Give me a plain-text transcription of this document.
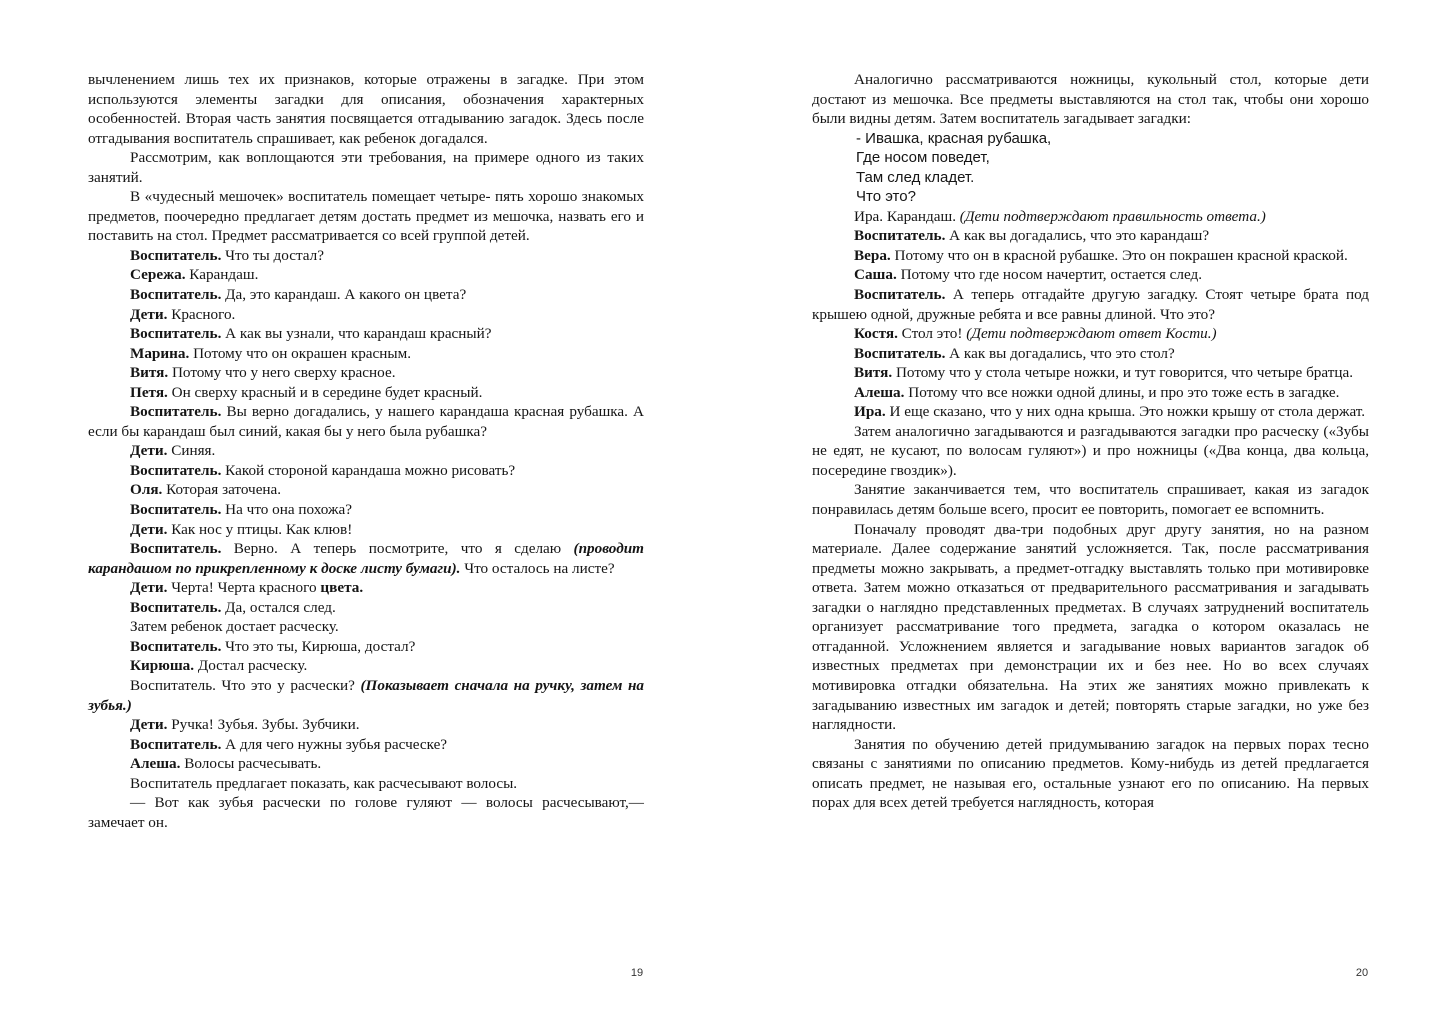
вычленением лишь тех их признаков, которые отражены в загадке. При этом используются элементы загадки для описания, обозначения характерных особенностей. Вторая часть занятия посвящается отгадыванию загадок. Здесь после отгадывания воспитатель спрашивает, как ребенок догадался.

Рассмотрим, как воплощаются эти требования, на примере одного из таких занятий.

В «чудесный мешочек» воспитатель помещает четыре- пять хорошо знакомых предметов, поочередно предлагает детям достать предмет из мешочка, назвать его и поставить на стол. Предмет рассматривается со всей группой детей.

Воспитатель. Что ты достал?

Сережа. Карандаш.

Воспитатель. Да, это карандаш. А какого он цвета?

Дети. Красного.

Воспитатель. А как вы узнали, что карандаш красный?

Марина. Потому что он окрашен красным.

Витя. Потому что у него сверху красное.

Петя. Он сверху красный и в середине будет красный.

Воспитатель. Вы верно догадались, у нашего карандаша красная рубашка. А если бы карандаш был синий, какая бы у него была рубашка?

Дети. Синяя.

Воспитатель. Какой стороной карандаша можно рисовать?

Оля. Которая заточена.

Воспитатель. На что она похожа?

Дети. Как нос у птицы. Как клюв!

Воспитатель. Верно. А теперь посмотрите, что я сделаю (проводит карандашом по прикрепленному к доске листу бумаги). Что осталось на листе?

Дети. Черта! Черта красного цвета.

Воспитатель. Да, остался след.

Затем ребенок достает расческу.

Воспитатель. Что это ты, Кирюша, достал?

Кирюша. Достал расческу.

Воспитатель. Что это у расчески? (Показывает сначала на ручку, затем на зубья.)

Дети. Ручка! Зубья. Зубы. Зубчики.

Воспитатель. А для чего нужны зубья расческе?

Алеша. Волосы расчесывать.

Воспитатель предлагает показать, как расчесывают волосы.

— Вот как зубья расчески по голове гуляют — волосы расчесывают,— замечает он.

Аналогично рассматриваются ножницы, кукольный стол, которые дети достают из мешочка. Все предметы выставляются на стол так, чтобы они хорошо были видны детям. Затем воспитатель загадывает загадки:

- Ивашка, красная рубашка,

Где носом поведет,

Там след кладет.

Что это?

Ира. Карандаш. (Дети подтверждают правильность ответа.)

Воспитатель. А как вы догадались, что это карандаш?

Вера. Потому что он в красной рубашке. Это он покрашен красной краской.

Саша. Потому что где носом начертит, остается след.

Воспитатель. А теперь отгадайте другую загадку. Стоят четыре брата под крышею одной, дружные ребята и все равны длиной. Что это?

Костя. Стол это! (Дети подтверждают ответ Кости.)

Воспитатель. А как вы догадались, что это стол?

Витя. Потому что у стола четыре ножки, и тут говорится, что четыре братца.

Алеша. Потому что все ножки одной длины, и про это тоже есть в загадке.

Ира. И еще сказано, что у них одна крыша. Это ножки крышу от стола держат.

Затем аналогично загадываются и разгадываются загадки про расческу («Зубы не едят, не кусают, по волосам гуляют») и про ножницы («Два конца, два кольца, посередине гвоздик»).

Занятие заканчивается тем, что воспитатель спрашивает, какая из загадок понравилась детям больше всего, просит ее повторить, помогает ее вспомнить.

Поначалу проводят два-три подобных друг другу занятия, но на разном материале. Далее содержание занятий усложняется. Так, после рассматривания предметы можно закрывать, а предмет-отгадку выставлять только при мотивировке ответа. Затем можно отказаться от предварительного рассматривания и загадывать загадки о наглядно представленных предметах. В случаях затруднений воспитатель организует рассматривание того предмета, загадка о котором оказалась не отгаданной. Усложнением является и загадывание новых вариантов загадок об известных предметах при демонстрации их и без нее. Но во всех случаях мотивировка отгадки обязательна. На этих же занятиях можно привлекать к загадыванию известных им загадок и детей; повторять старые загадки, но уже без наглядности.

Занятия по обучению детей придумыванию загадок на первых порах тесно связаны с занятиями по описанию предметов. Кому-нибудь из детей предлагается описать предмет, не называя его, остальные узнают его по описанию. На первых порах для всех детей требуется наглядность, которая

19	20
